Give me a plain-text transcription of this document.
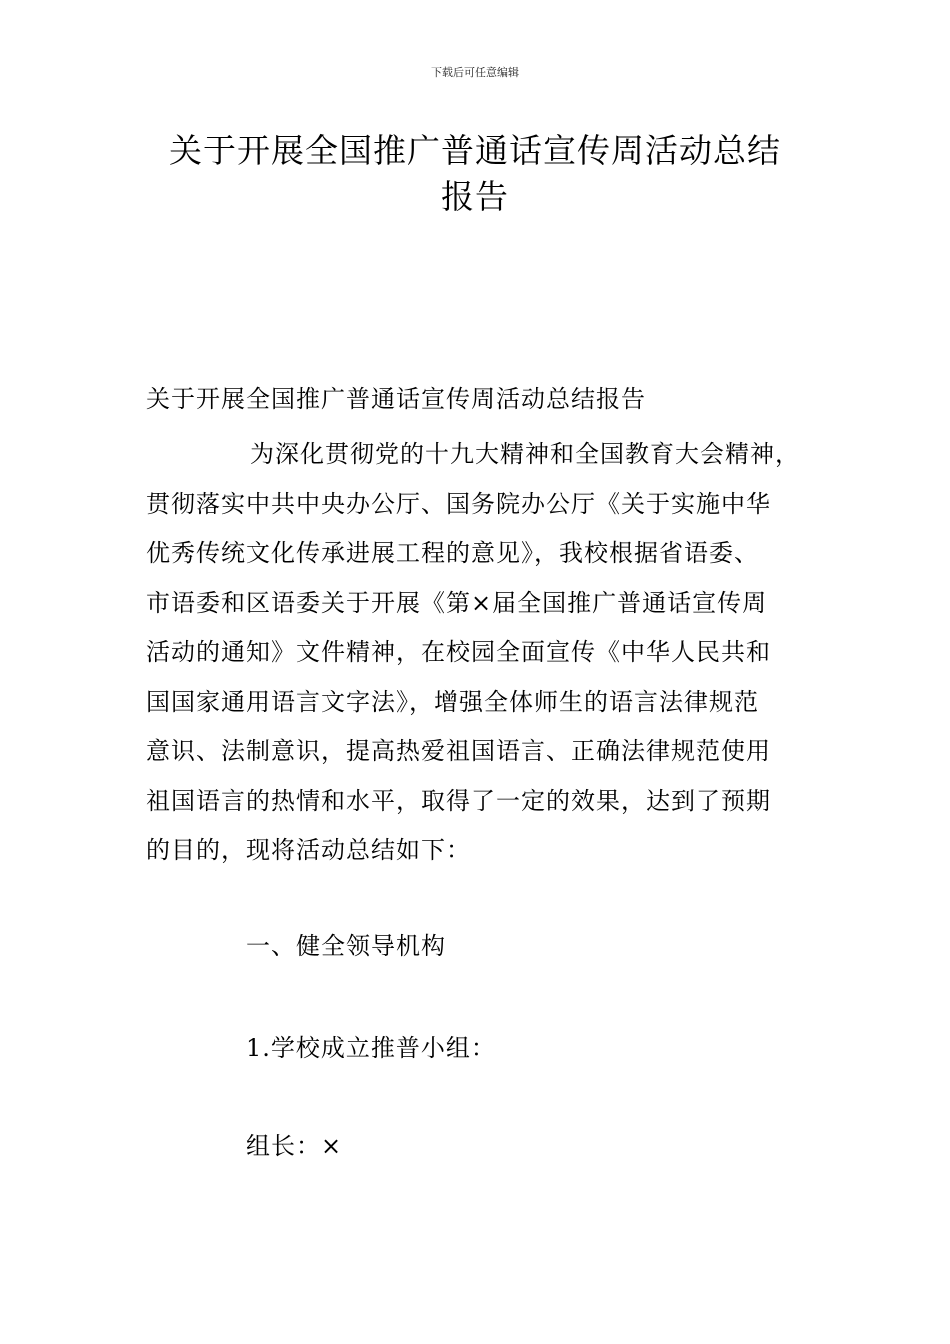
下载后可任意编辑
关于开展全国推广普通话宣传周活动总结
报告
关于开展全国推广普通话宣传周活动总结报告
为深化贯彻党的十九大精神和全国教育大会精神，
贯彻落实中共中央办公厅、国务院办公厅《关于实施中华
优秀传统文化传承进展工程的意见》，我校根据省语委、
市语委和区语委关于开展《第×届全国推广普通话宣传周
活动的通知》文件精神，在校园全面宣传《中华人民共和
国国家通用语言文字法》，增强全体师生的语言法律规范
意识、法制意识，提高热爱祖国语言、正确法律规范使用
祖国语言的热情和水平，取得了一定的效果，达到了预期
的目的，现将活动总结如下：
一、健全领导机构
1.学校成立推普小组：
组长：×
